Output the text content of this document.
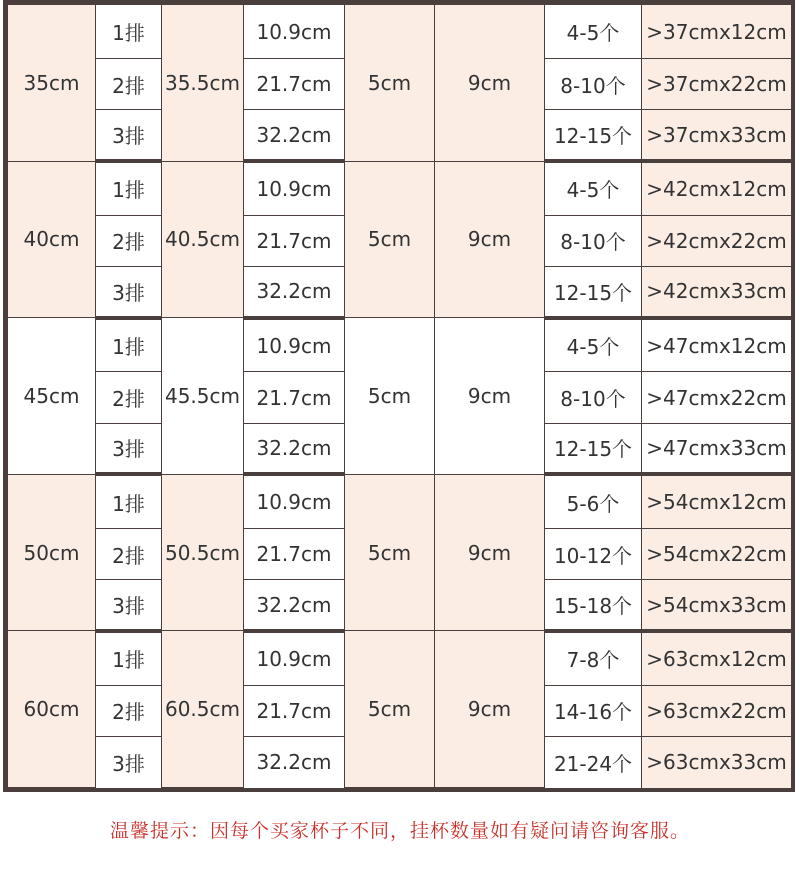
35cm	1排	35.5cm	10.9cm	5cm	9cm	4-5个	>37cmx12cm
	2排		21.7cm			8-10个	>37cmx22cm
	3排		32.2cm			12-15个	>37cmx33cm
40cm	1排	40.5cm	10.9cm	5cm	9cm	4-5个	>42cmx12cm
	2排		21.7cm			8-10个	>42cmx22cm
	3排		32.2cm			12-15个	>42cmx33cm
45cm	1排	45.5cm	10.9cm	5cm	9cm	4-5个	>47cmx12cm
	2排		21.7cm			8-10个	>47cmx22cm
	3排		32.2cm			12-15个	>47cmx33cm
50cm	1排	50.5cm	10.9cm	5cm	9cm	5-6个	>54cmx12cm
	2排		21.7cm			10-12个	>54cmx22cm
	3排		32.2cm			15-18个	>54cmx33cm
60cm	1排	60.5cm	10.9cm	5cm	9cm	7-8个	>63cmx12cm
	2排		21.7cm			14-16个	>63cmx22cm
	3排		32.2cm			21-24个	>63cmx33cm
温馨提示：因每个买家杯子不同，挂杯数量如有疑问请咨询客服。
